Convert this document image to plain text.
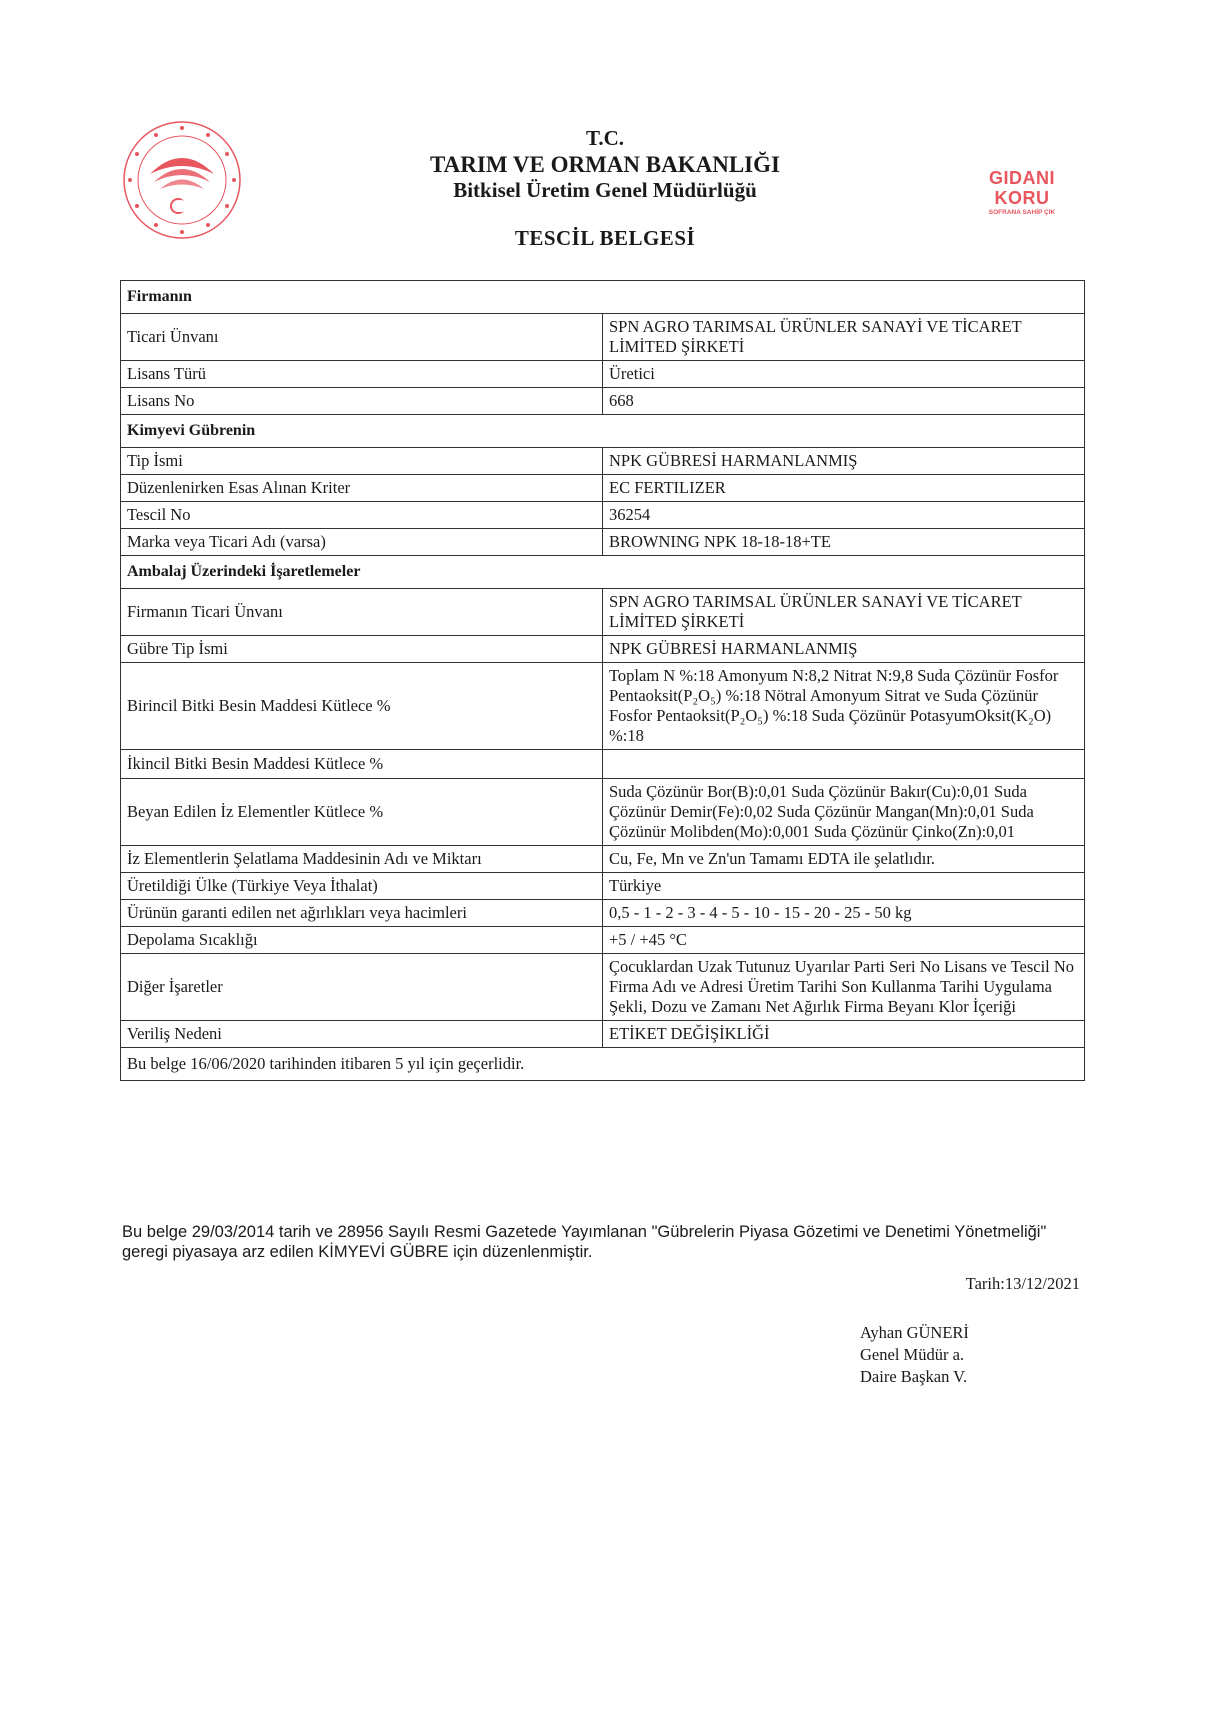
GIDANI KORU
SOFRANA SAHİP ÇIK
T.C.
TARIM VE ORMAN BAKANLIĞI
Bitkisel Üretim Genel Müdürlüğü
TESCİL BELGESİ
Firmanın	
Ticari Ünvanı	SPN AGRO TARIMSAL ÜRÜNLER SANAYİ VE TİCARET LİMİTED ŞİRKETİ
Lisans Türü	Üretici
Lisans No	668
Kimyevi Gübrenin	
Tip İsmi	NPK GÜBRESİ HARMANLANMIŞ
Düzenlenirken Esas Alınan Kriter	EC FERTILIZER
Tescil No	36254
Marka veya Ticari Adı (varsa)	BROWNING NPK 18-18-18+TE
Ambalaj Üzerindeki İşaretlemeler	
Firmanın Ticari Ünvanı	SPN AGRO TARIMSAL ÜRÜNLER SANAYİ VE TİCARET LİMİTED ŞİRKETİ
Gübre Tip İsmi	NPK GÜBRESİ HARMANLANMIŞ
Birincil Bitki Besin Maddesi Kütlece %	Toplam N %:18 Amonyum N:8,2 Nitrat N:9,8 Suda Çözünür Fosfor Pentaoksit(P₂O₅) %:18 Nötral Amonyum Sitrat ve Suda Çözünür Fosfor Pentaoksit(P₂O₅) %:18 Suda Çözünür PotasyumOksit(K₂O) %:18
İkincil Bitki Besin Maddesi Kütlece %	
Beyan Edilen İz Elementler Kütlece %	Suda Çözünür Bor(B):0,01 Suda Çözünür Bakır(Cu):0,01 Suda Çözünür Demir(Fe):0,02 Suda Çözünür Mangan(Mn):0,01 Suda Çözünür Molibden(Mo):0,001 Suda Çözünür Çinko(Zn):0,01
İz Elementlerin Şelatlama Maddesinin Adı ve Miktarı	Cu, Fe, Mn ve Zn'un Tamamı EDTA ile şelatlıdır.
Üretildiği Ülke (Türkiye Veya İthalat)	Türkiye
Ürünün garanti edilen net ağırlıkları veya hacimleri	0,5 - 1 - 2 - 3 - 4 - 5 - 10 - 15 - 20 - 25 - 50 kg
Depolama Sıcaklığı	+5 / +45 °C
Diğer İşaretler	Çocuklardan Uzak Tutunuz Uyarılar Parti Seri No Lisans ve Tescil No Firma Adı ve Adresi Üretim Tarihi Son Kullanma Tarihi Uygulama Şekli, Dozu ve Zamanı Net Ağırlık Firma Beyanı Klor İçeriği
Veriliş Nedeni	ETİKET DEĞİŞİKLİĞİ
Bu belge 16/06/2020 tarihinden itibaren 5 yıl için geçerlidir.	
Bu belge 29/03/2014 tarih ve 28956 Sayılı Resmi Gazetede Yayımlanan "Gübrelerin Piyasa Gözetimi ve Denetimi Yönetmeliği" geregi piyasaya arz edilen KİMYEVİ GÜBRE için düzenlenmiştir.
Tarih:13/12/2021
Ayhan GÜNERİ
Genel Müdür a.
Daire Başkan V.
